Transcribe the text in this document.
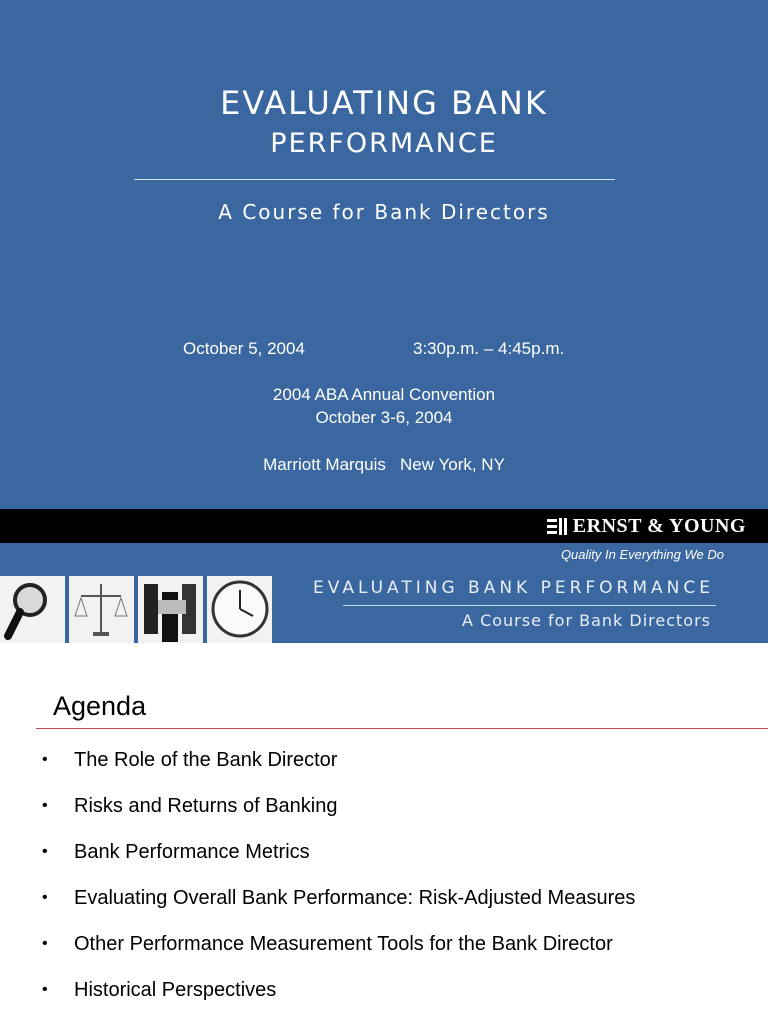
EVALUATING BANK
PERFORMANCE
A Course for Bank Directors
October 5, 2004	3:30p.m. – 4:45p.m.
2004 ABA Annual Convention
October 3-6, 2004
Marriott Marquis   New York, NY
ERNST & YOUNG
Quality In Everything We Do
EVALUATING BANK PERFORMANCE
A Course for Bank Directors
Agenda
• The Role of the Bank Director
• Risks and Returns of Banking
• Bank Performance Metrics
• Evaluating Overall Bank Performance: Risk-Adjusted Measures
• Other Performance Measurement Tools for the Bank Director
• Historical Perspectives
